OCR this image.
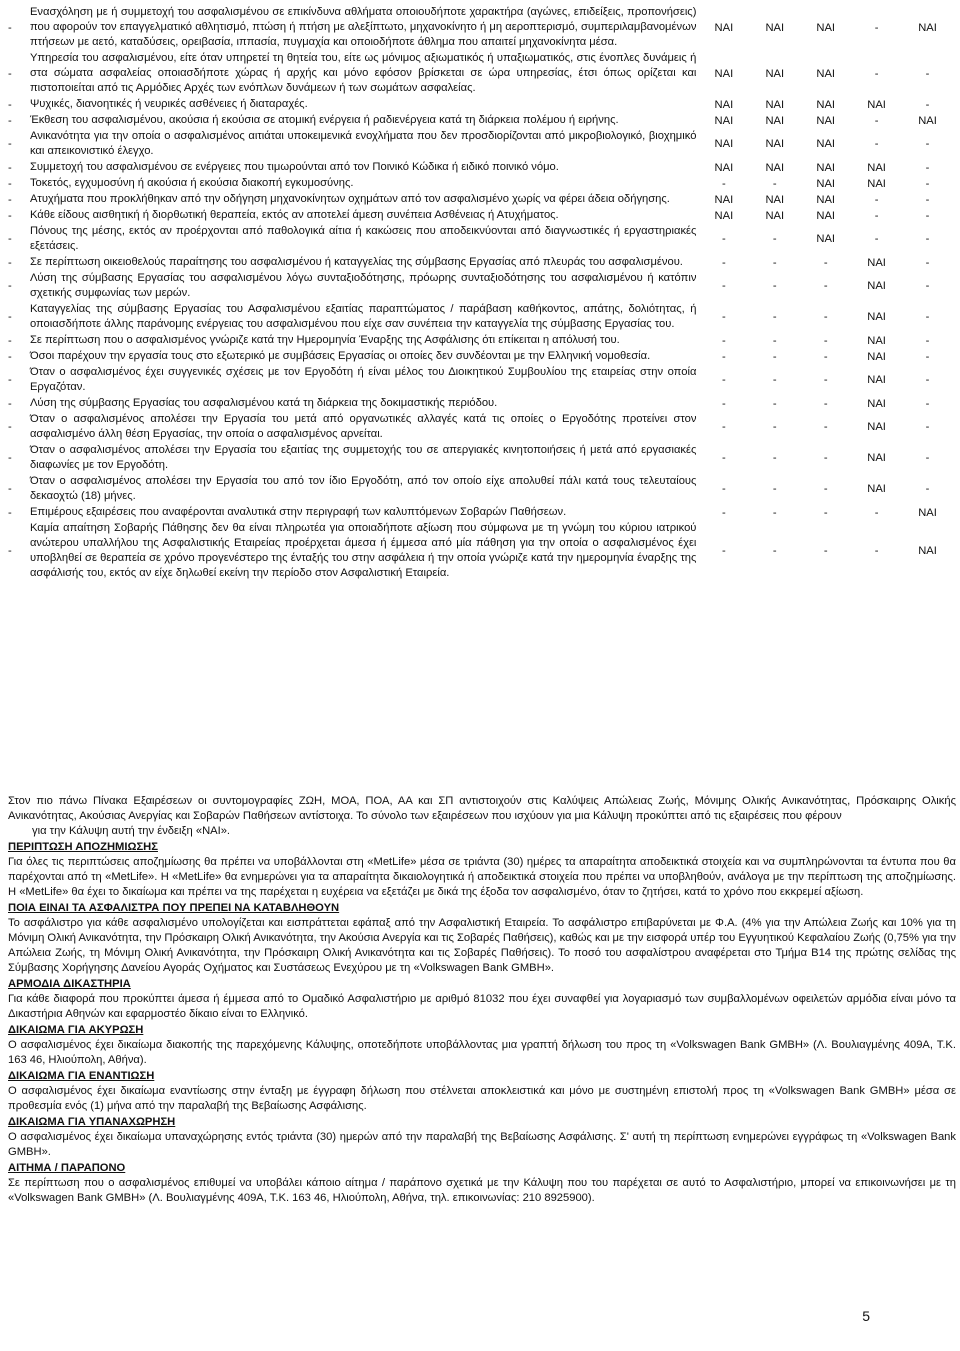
-	Ενασχόληση με ή συμμετοχή του ασφαλισμένου σε επικίνδυνα αθλήματα οποιουδήποτε χαρακτήρα (αγώνες, επιδείξεις, προπονήσεις) που αφορούν τον επαγγελματικό αθλητισμό, πτώση ή πτήση με αλεξίπτωτο, μηχανοκίνητο ή μη αεροπτερισμό, συμπεριλαμβανομένων πτήσεων με αετό, καταδύσεις, ορειβασία, ιππασία, πυγμαχία και οποιοδήποτε άθλημα που απαιτεί μηχανοκίνητα μέσα.	ΝΑΙ	ΝΑΙ	ΝΑΙ	-	ΝΑΙ
-	Υπηρεσία του ασφαλισμένου, είτε όταν υπηρετεί τη θητεία του, είτε ως μόνιμος αξιωματικός ή υπαξιωματικός, στις ένοπλες δυνάμεις ή στα σώματα ασφαλείας οποιασδήποτε χώρας ή αρχής και μόνο εφόσον βρίσκεται σε ώρα υπηρεσίας, έτσι όπως ορίζεται και πιστοποιείται από τις Αρμόδιες Αρχές των ενόπλων δυνάμεων ή των σωμάτων ασφαλείας.	ΝΑΙ	ΝΑΙ	ΝΑΙ	-	-
-	Ψυχικές, διανοητικές ή νευρικές ασθένειες ή διαταραχές.	ΝΑΙ	ΝΑΙ	ΝΑΙ	ΝΑΙ	-
-	Έκθεση του ασφαλισμένου, ακούσια ή εκούσια σε ατομική ενέργεια ή ραδιενέργεια κατά τη διάρκεια πολέμου ή ειρήνης.	ΝΑΙ	ΝΑΙ	ΝΑΙ	-	ΝΑΙ
-	Ανικανότητα για την οποία ο ασφαλισμένος αιτιάται υποκειμενικά ενοχλήματα που δεν προσδιορίζονται από μικροβιολογικό, βιοχημικό και απεικονιστικό έλεγχο.	ΝΑΙ	ΝΑΙ	ΝΑΙ	-	-
-	Συμμετοχή του ασφαλισμένου σε ενέργειες που τιμωρούνται από τον Ποινικό Κώδικα ή ειδικό ποινικό νόμο.	ΝΑΙ	ΝΑΙ	ΝΑΙ	ΝΑΙ	-
-	Τοκετός, εγχυμοσύνη ή ακούσια ή εκούσια διακοπή εγκυμοσύνης.	-	-	ΝΑΙ	ΝΑΙ	-
-	Ατυχήματα που προκλήθηκαν από την οδήγηση μηχανοκίνητων οχημάτων από τον ασφαλισμένο χωρίς να φέρει άδεια οδήγησης.	ΝΑΙ	ΝΑΙ	ΝΑΙ	-	-
-	Κάθε είδους αισθητική ή διορθωτική θεραπεία, εκτός αν αποτελεί άμεση συνέπεια Ασθένειας ή Ατυχήματος.	ΝΑΙ	ΝΑΙ	ΝΑΙ	-	-
-	Πόνους της μέσης, εκτός αν προέρχονται από παθολογικά αίτια ή κακώσεις που αποδεικνύονται από διαγνωστικές ή εργαστηριακές εξετάσεις.	-	-	ΝΑΙ	-	-
-	Σε περίπτωση οικειοθελούς παραίτησης του ασφαλισμένου ή καταγγελίας της σύμβασης Εργασίας από πλευράς του ασφαλισμένου.	-	-	-	ΝΑΙ	-
-	Λύση της σύμβασης Εργασίας του ασφαλισμένου λόγω συνταξιοδότησης, πρόωρης συνταξιοδότησης του ασφαλισμένου ή κατόπιν σχετικής συμφωνίας των μερών.	-	-	-	ΝΑΙ	-
-	Καταγγελίας της σύμβασης Εργασίας του Ασφαλισμένου εξαιτίας παραπτώματος / παράβαση καθήκοντος, απάτης, δολιότητας, ή οποιασδήποτε άλλης παράνομης ενέργειας του ασφαλισμένου που είχε σαν συνέπεια την καταγγελία της σύμβασης Εργασίας του.	-	-	-	ΝΑΙ	-
-	Σε περίπτωση που ο ασφαλισμένος γνώριζε κατά την Ημερομηνία Έναρξης της Ασφάλισης ότι επίκειται η απόλυσή του.	-	-	-	ΝΑΙ	-
-	Όσοι παρέχουν την εργασία τους στο εξωτερικό με συμβάσεις Εργασίας οι οποίες δεν συνδέονται με την Ελληνική νομοθεσία.	-	-	-	ΝΑΙ	-
-	Όταν ο ασφαλισμένος έχει συγγενικές σχέσεις με τον Εργοδότη ή είναι μέλος του Διοικητικού Συμβουλίου της εταιρείας στην οποία Εργαζόταν.	-	-	-	ΝΑΙ	-
-	Λύση της σύμβασης Εργασίας του ασφαλισμένου κατά τη διάρκεια της δοκιμαστικής περιόδου.	-	-	-	ΝΑΙ	-
-	Όταν ο ασφαλισμένος απολέσει την Εργασία του μετά από οργανωτικές αλλαγές κατά τις οποίες ο Εργοδότης προτείνει στον ασφαλισμένο άλλη θέση Εργασίας, την οποία ο ασφαλισμένος αρνείται.	-	-	-	ΝΑΙ	-
-	Όταν ο ασφαλισμένος απολέσει την Εργασία του εξαιτίας της συμμετοχής του σε απεργιακές κινητοποιήσεις ή μετά από εργασιακές διαφωνίες με τον Εργοδότη.	-	-	-	ΝΑΙ	-
-	Όταν ο ασφαλισμένος απολέσει την Εργασία του από τον ίδιο Εργοδότη, από τον οποίο είχε απολυθεί πάλι κατά τους τελευταίους δεκαοχτώ (18) μήνες.	-	-	-	ΝΑΙ	-
-	Επιμέρους εξαιρέσεις που αναφέρονται αναλυτικά στην περιγραφή των καλυπτόμενων Σοβαρών Παθήσεων.	-	-	-	-	ΝΑΙ
-	Καμία απαίτηση Σοβαρής Πάθησης δεν θα είναι πληρωτέα για οποιαδήποτε αξίωση που σύμφωνα με τη γνώμη του κύριου ιατρικού ανώτερου υπαλλήλου της Ασφαλιστικής Εταιρείας προέρχεται άμεσα ή έμμεσα από μία πάθηση για την οποία ο ασφαλισμένος έχει υποβληθεί σε θεραπεία σε χρόνο προγενέστερο της ένταξής του στην ασφάλεια ή την οποία γνώριζε κατά την ημερομηνία έναρξης της ασφάλισής του, εκτός αν είχε δηλωθεί εκείνη την περίοδο στον Ασφαλιστική Εταιρεία.	-	-	-	-	ΝΑΙ

Στον πιο πάνω Πίνακα Εξαιρέσεων οι συντομογραφίες ΖΩΗ, ΜΟΑ, ΠΟΑ, ΑΑ και ΣΠ αντιστοιχούν στις Καλύψεις Απώλειας Ζωής, Μόνιμης Ολικής Ανικανότητας, Πρόσκαιρης Ολικής Ανικανότητας, Ακούσιας Ανεργίας και Σοβαρών Παθήσεων αντίστοιχα. Το σύνολο των εξαιρέσεων που ισχύουν για μια Κάλυψη προκύπτει από τις εξαιρέσεις που φέρουν
για την Κάλυψη αυτή την ένδειξη «ΝΑΙ».

ΠΕΡΙΠΤΩΣΗ ΑΠΟΖΗΜΙΩΣΗΣ

Για όλες τις περιπτώσεις αποζημίωσης θα πρέπει να υποβάλλονται στη «MetLife» μέσα σε τριάντα (30) ημέρες τα απαραίτητα αποδεικτικά στοιχεία και να συμπληρώνονται τα έντυπα που θα παρέχονται από τη «MetLife». Η «MetLife» θα ενημερώνει για τα απαραίτητα δικαιολογητικά ή αποδεικτικά στοιχεία που πρέπει να υποβληθούν, ανάλογα με την περίπτωση της αποζημίωσης. Η «MetLife» θα έχει το δικαίωμα και πρέπει να της παρέχεται η ευχέρεια να εξετάζει με δικά της έξοδα τον ασφαλισμένο, όταν το ζητήσει, κατά το χρόνο που εκκρεμεί αξίωση.

ΠΟΙΑ ΕΙΝΑΙ ΤΑ ΑΣΦΑΛΙΣΤΡΑ ΠΟΥ ΠΡΕΠΕΙ ΝΑ ΚΑΤΑΒΛΗΘΟΥΝ

Το ασφάλιστρο για κάθε ασφαλισμένο υπολογίζεται και εισπράττεται εφάπαξ από την Ασφαλιστική Εταιρεία. Το ασφάλιστρο επιβαρύνεται με Φ.Α. (4% για την Απώλεια Ζωής και 10% για τη Μόνιμη Ολική Ανικανότητα, την Πρόσκαιρη Ολική Ανικανότητα, την Ακούσια Ανεργία και τις Σοβαρές Παθήσεις), καθώς και με την εισφορά υπέρ του Εγγυητικού Κεφαλαίου Ζωής (0,75% για την Απώλεια Ζωής, τη Μόνιμη Ολική Ανικανότητα, την Πρόσκαιρη Ολική Ανικανότητα και τις Σοβαρές Παθήσεις). Το ποσό του ασφαλίστρου αναφέρεται στο Τμήμα Β14 της πρώτης σελίδας της Σύμβασης Χορήγησης Δανείου Αγοράς Οχήματος και Συστάσεως Ενεχύρου με τη «Volkswagen Bank GMBH».

ΑΡΜΟΔΙΑ ΔΙΚΑΣΤΗΡΙΑ

Για κάθε διαφορά που προκύπτει άμεσα ή έμμεσα από το Ομαδικό Ασφαλιστήριο με αριθμό 81032 που έχει συναφθεί για λογαριασμό των συμβαλλομένων οφειλετών αρμόδια είναι μόνο τα Δικαστήρια Αθηνών και εφαρμοστέο δίκαιο είναι το Ελληνικό.

ΔΙΚΑΙΩΜΑ ΓΙΑ ΑΚΥΡΩΣΗ

Ο ασφαλισμένος έχει δικαίωμα διακοπής της παρεχόμενης Κάλυψης, οποτεδήποτε υποβάλλοντας μια γραπτή δήλωση του προς τη «Volkswagen Bank GMBH» (Λ. Βουλιαγμένης 409Α, Τ.Κ. 163 46, Ηλιούπολη, Αθήνα).

ΔΙΚΑΙΩΜΑ ΓΙΑ ΕΝΑΝΤΙΩΣΗ

Ο ασφαλισμένος έχει δικαίωμα εναντίωσης στην ένταξη με έγγραφη δήλωση που στέλνεται αποκλειστικά και μόνο με συστημένη επιστολή προς τη «Volkswagen Bank GMBH» μέσα σε προθεσμία ενός (1) μήνα από την παραλαβή της Βεβαίωσης Ασφάλισης.

ΔΙΚΑΙΩΜΑ ΓΙΑ ΥΠΑΝΑΧΩΡΗΣΗ

Ο ασφαλισμένος έχει δικαίωμα υπαναχώρησης εντός τριάντα (30) ημερών από την παραλαβή της Βεβαίωσης Ασφάλισης. Σ' αυτή τη περίπτωση ενημερώνει εγγράφως τη «Volkswagen Bank GMBH».

ΑΙΤΗΜΑ / ΠΑΡΑΠΟΝΟ

Σε περίπτωση που ο ασφαλισμένος επιθυμεί να υποβάλει κάποιο αίτημα / παράπονο σχετικά με την Κάλυψη που του παρέχεται σε αυτό το Ασφαλιστήριο, μπορεί να επικοινωνήσει με τη «Volkswagen Bank GMBH» (Λ. Βουλιαγμένης 409Α, Τ.Κ. 163 46, Ηλιούπολη, Αθήνα, τηλ. επικοινωνίας: 210 8925900).

5
